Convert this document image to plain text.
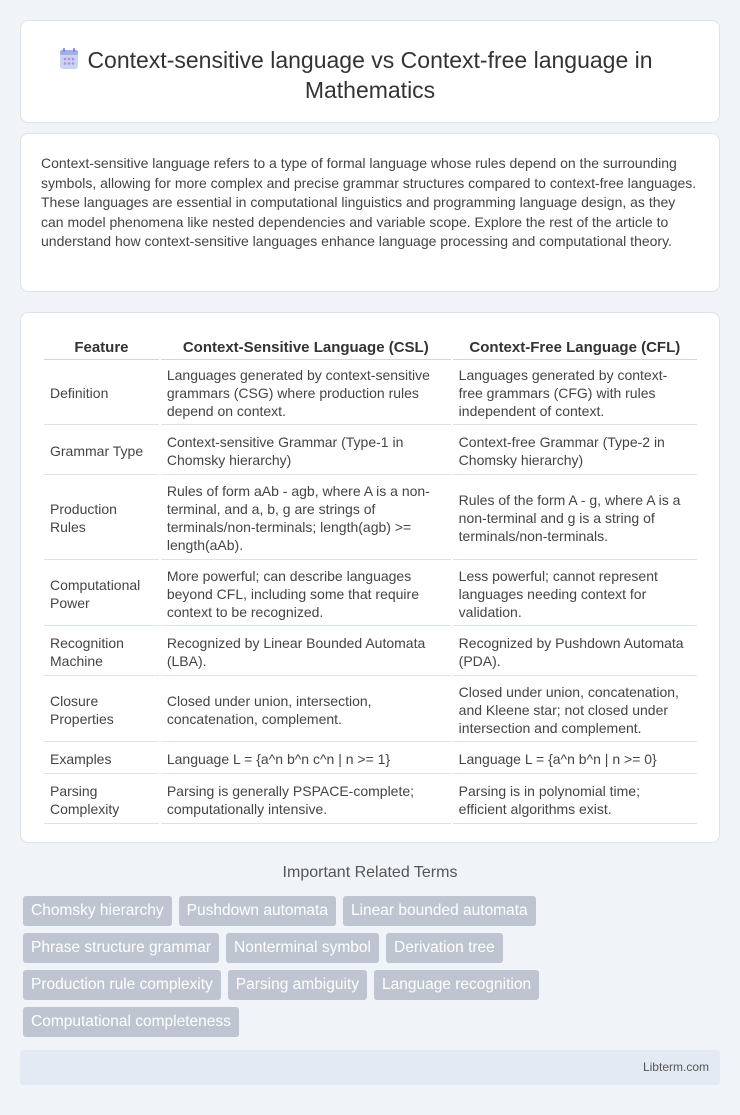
Context-sensitive language vs Context-free language in Mathematics

Context-sensitive language refers to a type of formal language whose rules depend on the surrounding symbols, allowing for more complex and precise grammar structures compared to context-free languages. These languages are essential in computational linguistics and programming language design, as they can model phenomena like nested dependencies and variable scope. Explore the rest of the article to understand how context-sensitive languages enhance language processing and computational theory.

Feature	Context-Sensitive Language (CSL)	Context-Free Language (CFL)
Definition	Languages generated by context-sensitive grammars (CSG) where production rules depend on context.	Languages generated by context-free grammars (CFG) with rules independent of context.
Grammar Type	Context-sensitive Grammar (Type-1 in Chomsky hierarchy)	Context-free Grammar (Type-2 in Chomsky hierarchy)
Production Rules	Rules of form aAb - agb, where A is a non-terminal, and a, b, g are strings of terminals/non-terminals; length(agb) >= length(aAb).	Rules of the form A - g, where A is a non-terminal and g is a string of terminals/non-terminals.
Computational Power	More powerful; can describe languages beyond CFL, including some that require context to be recognized.	Less powerful; cannot represent languages needing context for validation.
Recognition Machine	Recognized by Linear Bounded Automata (LBA).	Recognized by Pushdown Automata (PDA).
Closure Properties	Closed under union, intersection, concatenation, complement.	Closed under union, concatenation, and Kleene star; not closed under intersection and complement.
Examples	Language L = {a^n b^n c^n | n >= 1}	Language L = {a^n b^n | n >= 0}
Parsing Complexity	Parsing is generally PSPACE-complete; computationally intensive.	Parsing is in polynomial time; efficient algorithms exist.
Important Related Terms
Chomsky hierarchy	Pushdown automata	Linear bounded automata
Phrase structure grammar	Nonterminal symbol	Derivation tree
Production rule complexity	Parsing ambiguity	Language recognition
Computational completeness
Libterm.com
